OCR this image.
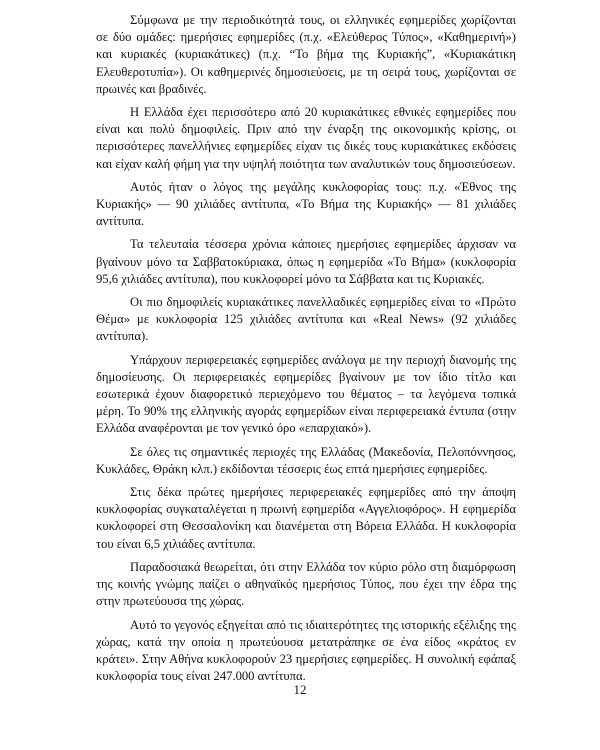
Σύμφωνα με την περιοδικότητά τους, οι ελληνικές εφημερίδες χωρίζονται σε δύο ομάδες: ημερήσιες εφημερίδες (π.χ. «Ελεύθερος Τύπος», «Καθημερινή») και κυριακές (κυριακάτικες) (π.χ. “Το βήμα της Κυριακής”, «Κυριακάτικη Ελευθεροτυπία»). Οι καθημερινές δημοσιεύσεις, με τη σειρά τους, χωρίζονται σε πρωινές και βραδινές.

Η Ελλάδα έχει περισσότερο από 20 κυριακάτικες εθνικές εφημερίδες που είναι και πολύ δημοφιλείς. Πριν από την έναρξη της οικονομικής κρίσης, οι περισσότερες πανελλήνιες εφημερίδες είχαν τις δικές τους κυριακάτικες εκδόσεις και είχαν καλή φήμη για την υψηλή ποιότητα των αναλυτικών τους δημοσιεύσεων.

Αυτός ήταν ο λόγος της μεγάλης κυκλοφορίας τους: π.χ. «Έθνος της Κυριακής» — 90 χιλιάδες αντίτυπα, «Το Βήμα της Κυριακής» — 81 χιλιάδες αντίτυπα.

Τα τελευταία τέσσερα χρόνια κάποιες ημερήσιες εφημερίδες άρχισαν να βγαίνουν μόνο τα Σαββατοκύριακα, όπως η εφημερίδα «Το Βήμα» (κυκλοφορία 95,6 χιλιάδες αντίτυπα), που κυκλοφορεί μόνο τα Σάββατα και τις Κυριακές.

Οι πιο δημοφιλείς κυριακάτικες πανελλαδικές εφημερίδες είναι το «Πρώτο Θέμα» με κυκλοφορία 125 χιλιάδες αντίτυπα και «Real News» (92 χιλιάδες αντίτυπα).

Υπάρχουν περιφερειακές εφημερίδες ανάλογα με την περιοχή διανομής της δημοσίευσης. Οι περιφερειακές εφημερίδες βγαίνουν με τον ίδιο τίτλο και εσωτερικά έχουν διαφορετικό περιεχόμενο του θέματος – τα λεγόμενα τοπικά μέρη. Το 90% της ελληνικής αγοράς εφημερίδων είναι περιφερειακά έντυπα (στην Ελλάδα αναφέρονται με τον γενικό όρο «επαρχιακό»).

Σε όλες τις σημαντικές περιοχές της Ελλάδας (Μακεδονία, Πελοπόννησος, Κυκλάδες, Θράκη κλπ.) εκδίδονται τέσσερις έως επτά ημερήσιες εφημερίδες.

Στις δέκα πρώτες ημερήσιες περιφερειακές εφημερίδες από την άποψη κυκλοφορίας συγκαταλέγεται η πρωινή εφημερίδα «Αγγελιοφόρος». Η εφημερίδα κυκλοφορεί στη Θεσσαλονίκη και διανέμεται στη Βόρεια Ελλάδα. Η κυκλοφορία του είναι 6,5 χιλιάδες αντίτυπα.

Παραδοσιακά θεωρείται, ότι στην Ελλάδα τον κύριο ρόλο στη διαμόρφωση της κοινής γνώμης παίζει ο αθηναϊκός ημερήσιος Τύπος, που έχει την έδρα της στην πρωτεύουσα της χώρας.

Αυτό το γεγονός εξηγείται από τις ιδιαιτερότητες της ιστορικής εξέλιξης της χώρας, κατά την οποία η πρωτεύουσα μετατράπηκε σε ένα είδος «κράτος εν κράτει». Στην Αθήνα κυκλοφορούν 23 ημερήσιες εφημερίδες. Η συνολική εφάπαξ κυκλοφορία τους είναι 247.000 αντίτυπα.

12
